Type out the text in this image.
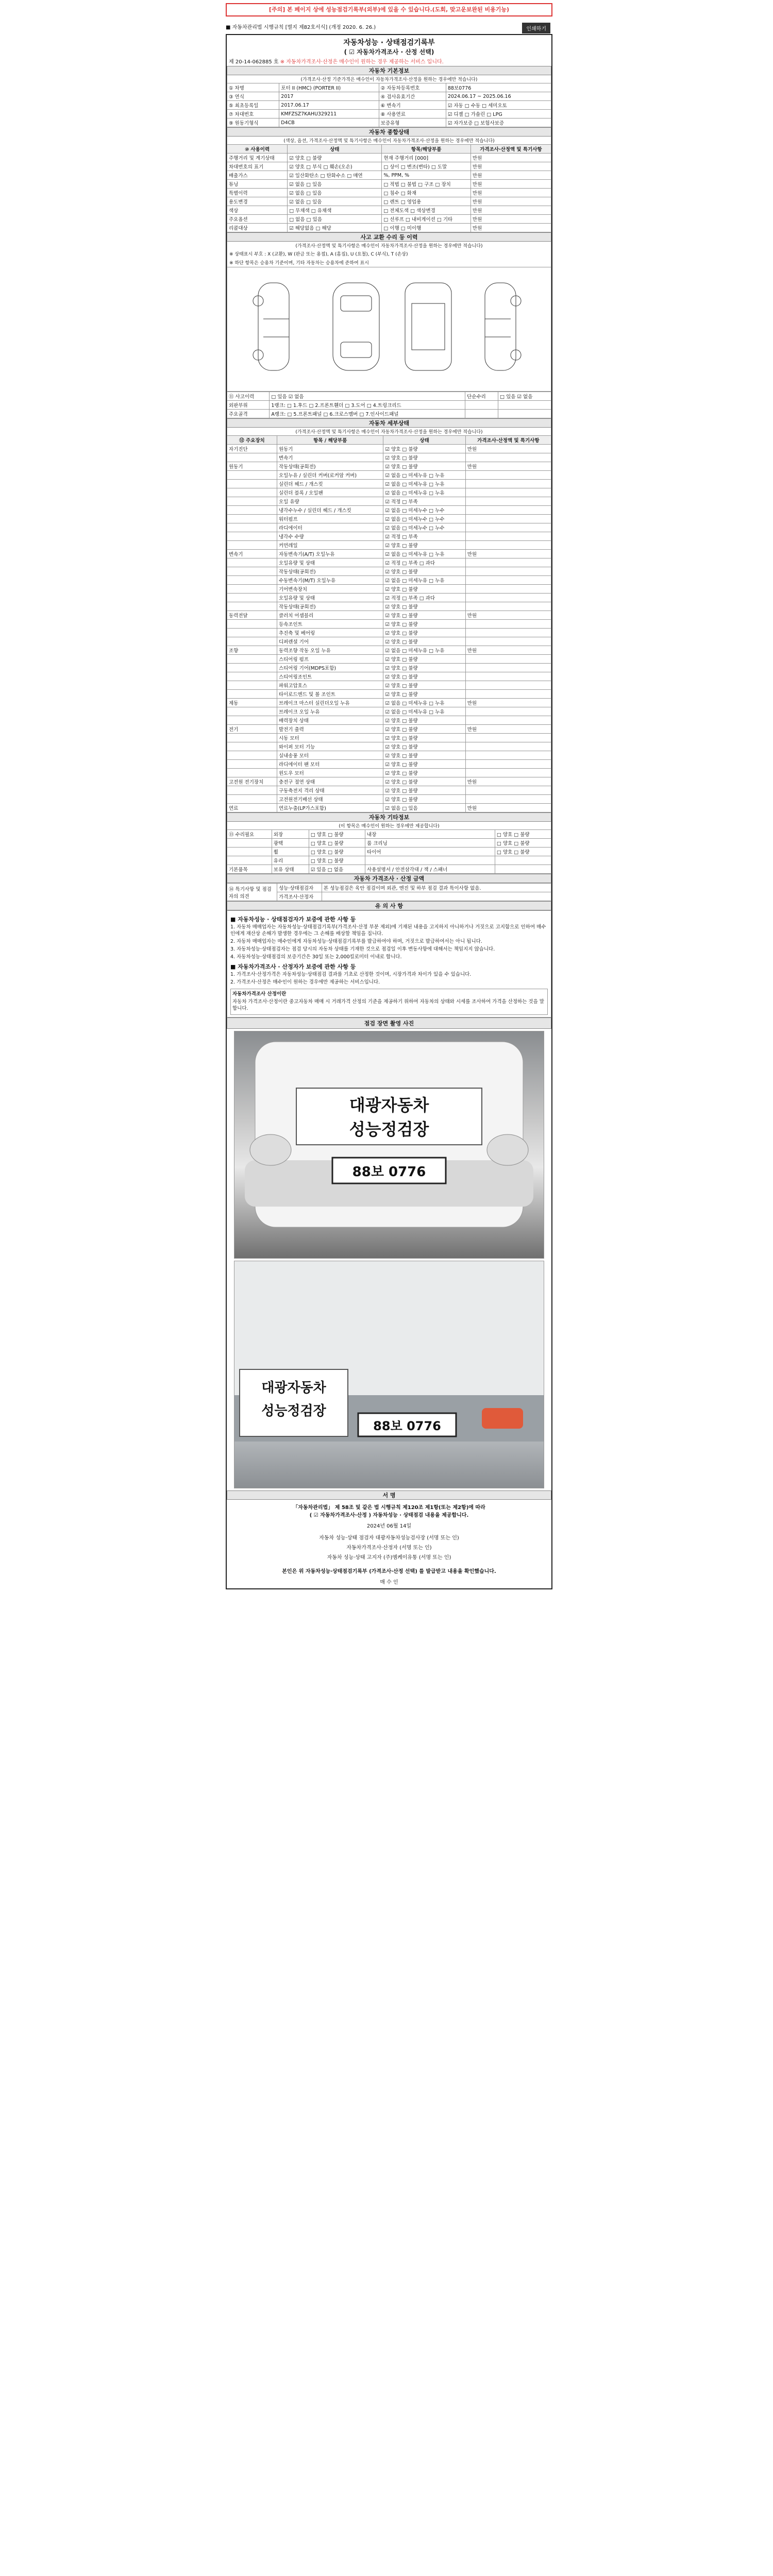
[주의] 본 페이지 상에 성능점검기록부(외부)에 있을 수 있습니다.(도회, 맞고운보완된 비용기능)
■ 자동차관리법 시행규칙 [별지 제82호서식] (개정 2020. 6. 26.)	인쇄하기
자동차성능 · 상태점검기록부
( ☑ 자동차가격조사 · 산정 선택)
제 20-14-062885 호 ※ 자동차가격조사·산정은 매수인이 원하는 경우 제공하는 서비스 입니다.
자동차 기본정보
(가격조사·산정 기준가격은 매수인이 자동차가격조사·산정을 원하는 경우에만 적습니다)
① 차명	포터 II (HMC) (PORTER II)	② 자동차등록번호	88보0776
③ 연식	2017	④ 검사유효기간	2024.06.17 ~ 2025.06.16
⑤ 최초등록일	2017.06.17	⑥ 변속기	☑ 자동 □ 수동 □ 세미오토
⑦ 차대번호	KMFZSZ7KAHU329211	⑧ 사용연료	☑ 디젤 □ 가솔린 □ LPG
⑨ 원동기형식	D4CB	보증유형	☑ 자가보증 □ 보험사보증
자동차 종합상태
(색상, 옵션, 가격조사·산정액 및 특기사항은 매수인이 자동차가격조사·산정을 원하는 경우에만 적습니다)
⑩ 사용이력	상태	항목/해당부품	가격조사·산정액 및 특기사항
주행거리 및 계기상태	☑ 양호 □ 불량	현재 주행거리 [000]	만원
차대번호의 표기	☑ 양호 □ 부식 □ 훼손(오손)	□ 상이 □ 변조(변타) □ 도말	만원
배출가스	☑ 일산화탄소 □ 탄화수소 □ 매연	%, PPM, %	만원
튜닝	☑ 없음 □ 있음	□ 적법 □ 불법 □ 구조 □ 장치	만원
특별이력	☑ 없음 □ 있음	□ 침수 □ 화재	만원
용도변경	☑ 없음 □ 있음	□ 렌트 □ 영업용	만원
색상	□ 무채색 □ 유채색	□ 전체도색 □ 색상변경	만원
주요옵션	□ 없음 □ 있음	□ 선루프 □ 내비게이션 □ 기타	만원
리콜대상	☑ 해당없음 □ 해당	□ 이행 □ 미이행	만원
사고 교환 수리 등 이력
(가격조사·산정액 및 특기사항은 매수인이 자동차가격조사·산정을 원하는 경우에만 적습니다)
※ 상태표시 부호 : X (교환), W (판금 또는 용접), A (흠집), U (요철), C (부식), T (손상)
※ 하단 항목은 승용차 기준이며, 기타 자동차는 승용차에 준하여 표시
⑪ 사고이력	□ 있음 ☑ 없음	단순수리	□ 있음 ☑ 없음
외판부위	1랭크: □ 1.후드 □ 2.프론트휀더 □ 3.도어 □ 4.트렁크리드		
주요골격	A랭크: □ 5.프론트패널 □ 6.크로스멤버 □ 7.인사이드패널		
자동차 세부상태
(가격조사·산정액 및 특기사항은 매수인이 자동차가격조사·산정을 원하는 경우에만 적습니다)
⑫ 주요장치	항목 / 해당부품	상태	가격조사·산정액 및 특기사항
자기진단	원동기	☑ 양호 □ 불량	만원
	변속기	☑ 양호 □ 불량	
원동기	작동상태(공회전)	☑ 양호 □ 불량	만원
	오일누유 / 실린더 커버(로커암 커버)	☑ 없음 □ 미세누유 □ 누유	
	실린더 헤드 / 개스킷	☑ 없음 □ 미세누유 □ 누유	
	실린더 블록 / 오일팬	☑ 없음 □ 미세누유 □ 누유	
	오일 유량	☑ 적정 □ 부족	
	냉각수누수 / 실린더 헤드 / 개스킷	☑ 없음 □ 미세누수 □ 누수	
	워터펌프	☑ 없음 □ 미세누수 □ 누수	
	라디에이터	☑ 없음 □ 미세누수 □ 누수	
	냉각수 수량	☑ 적정 □ 부족	
	커먼레일	☑ 양호 □ 불량	
변속기	자동변속기(A/T) 오일누유	☑ 없음 □ 미세누유 □ 누유	만원
	오일유량 및 상태	☑ 적정 □ 부족 □ 과다	
	작동상태(공회전)	☑ 양호 □ 불량	
	수동변속기(M/T) 오일누유	☑ 없음 □ 미세누유 □ 누유	
	기어변속장치	☑ 양호 □ 불량	
	오일유량 및 상태	☑ 적정 □ 부족 □ 과다	
	작동상태(공회전)	☑ 양호 □ 불량	
동력전달	클러치 어셈블리	☑ 양호 □ 불량	만원
	등속조인트	☑ 양호 □ 불량	
	추진축 및 베어링	☑ 양호 □ 불량	
	디퍼렌셜 기어	☑ 양호 □ 불량	
조향	동력조향 작동 오일 누유	☑ 없음 □ 미세누유 □ 누유	만원
	스티어링 펌프	☑ 양호 □ 불량	
	스티어링 기어(MDPS포함)	☑ 양호 □ 불량	
	스티어링조인트	☑ 양호 □ 불량	
	파워고압호스	☑ 양호 □ 불량	
	타이로드엔드 및 볼 조인트	☑ 양호 □ 불량	
제동	브레이크 마스터 실린더오일 누유	☑ 없음 □ 미세누유 □ 누유	만원
	브레이크 오일 누유	☑ 없음 □ 미세누유 □ 누유	
	배력장치 상태	☑ 양호 □ 불량	
전기	발전기 출력	☑ 양호 □ 불량	만원
	시동 모터	☑ 양호 □ 불량	
	와이퍼 모터 기능	☑ 양호 □ 불량	
	실내송풍 모터	☑ 양호 □ 불량	
	라디에이터 팬 모터	☑ 양호 □ 불량	
	윈도우 모터	☑ 양호 □ 불량	
고전원 전기장치	충전구 절연 상태	☑ 양호 □ 불량	만원
	구동축전지 격리 상태	☑ 양호 □ 불량	
	고전원전기배선 상태	☑ 양호 □ 불량	
연료	연료누출(LP가스포함)	☑ 없음 □ 있음	만원
자동차 기타정보
(이 항목은 매수인이 원하는 경우에만 제공합니다)
⑬ 수리필요	외장	□ 양호 □ 불량	내장	□ 양호 □ 불량
	광택	□ 양호 □ 불량	룸 크리닝	□ 양호 □ 불량
	휠	□ 양호 □ 불량	타이어	□ 양호 □ 불량
	유리	□ 양호 □ 불량		
기본품목	보유 상태	☑ 있음 □ 없음	사용설명서 / 안전삼각대 / 잭 / 스패너	
자동차 가격조사 · 산정 금액
⑭ 특기사항 및 점검자의 의견	성능·상태점검자	본 성능점검은 육안 점검이며 외관, 엔진 및 하부 점검 결과 특이사항 없음.
	가격조사·산정자	
유 의 사 항
■ 자동차성능 · 상태점검자가 보증에 관한 사항 등

1. 자동차 매매업자는 자동차성능·상태점검기록부(가격조사·산정 부분 제외)에 기재된 내용을 고지하지 아니하거나 거짓으로 고지함으로 인하여 매수인에게 재산상 손해가 발생한 경우에는 그 손해를 배상할 책임을 집니다.

2. 자동차 매매업자는 매수인에게 자동차성능·상태점검기록부를 발급하여야 하며, 거짓으로 발급하여서는 아니 됩니다.

3. 자동차성능·상태점검자는 점검 당시의 자동차 상태를 기재한 것으로 점검일 이후 변동사항에 대해서는 책임지지 않습니다.

4. 자동차성능·상태점검의 보증기간은 30일 또는 2,000킬로미터 이내로 합니다.

■ 자동차가격조사 · 산정자가 보증에 관한 사항 등

1. 가격조사·산정가격은 자동차성능·상태점검 결과를 기초로 산정한 것이며, 시장가격과 차이가 있을 수 있습니다.

2. 가격조사·산정은 매수인이 원하는 경우에만 제공하는 서비스입니다.

자동차가격조사 산정이란

자동차 가격조사·산정이란 중고자동차 매매 시 거래가격 산정의 기준을 제공하기 위하여 자동차의 상태와 시세를 조사하여 가격을 산정하는 것을 말합니다.

점검 장면 촬영 사진
대광자동차
성능정검장
88보 0776
대광자동차
성능정검장
88보 0776
서 명
「자동차관리법」 제 58조 및 같은 법 시행규칙 제120조 제1항(또는 제2항)에 따라
( ☑ 자동차가격조사·산정 ) 자동차성능 · 상태점검 내용을 제공합니다.
2024년 06월 14일
자동차 성능·상태 점검자 대광자동차성능검사장 (서명 또는 인)
자동차가격조사·산정자 (서명 또는 인)
자동차 성능·상태 고지자 (주)엠케이유통 (서명 또는 인)
본인은 위 자동차성능·상태점검기록부 (가격조사·산정 선택) 를 발급받고 내용을 확인했습니다.
매 수 인
